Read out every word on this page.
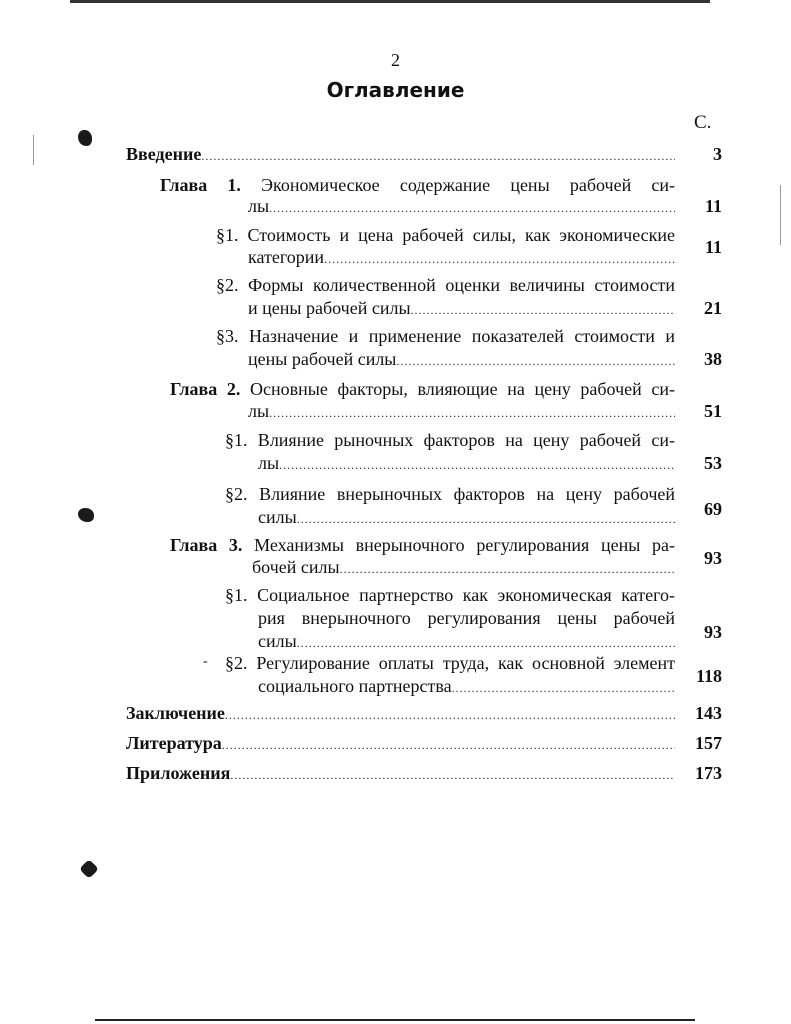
2
Оглавление
С.
Введение .....	3
Глава 1. Экономическое содержание цены рабочей си-
лы .....	11
§1. Стоимость и цена рабочей силы, как экономические
категории .....	11
§2. Формы количественной оценки величины стоимости
и цены рабочей силы .....	21
§3. Назначение и применение показателей стоимости и
цены рабочей силы .....	38
Глава 2. Основные факторы, влияющие на цену рабочей си-
лы .....	51
§1. Влияние рыночных факторов на цену рабочей си-
лы .....	53
§2. Влияние внерыночных факторов на цену рабочей
силы .....	69
Глава 3. Механизмы внерыночного регулирования цены ра-
бочей силы .....	93
§1. Социальное партнерство как экономическая катего-
рия внерыночного регулирования цены рабочей
силы .....	93
- §2. Регулирование оплаты труда, как основной элемент
социального партнерства .....	118
Заключение .....	143
Литература .....	157
Приложения .....	173
